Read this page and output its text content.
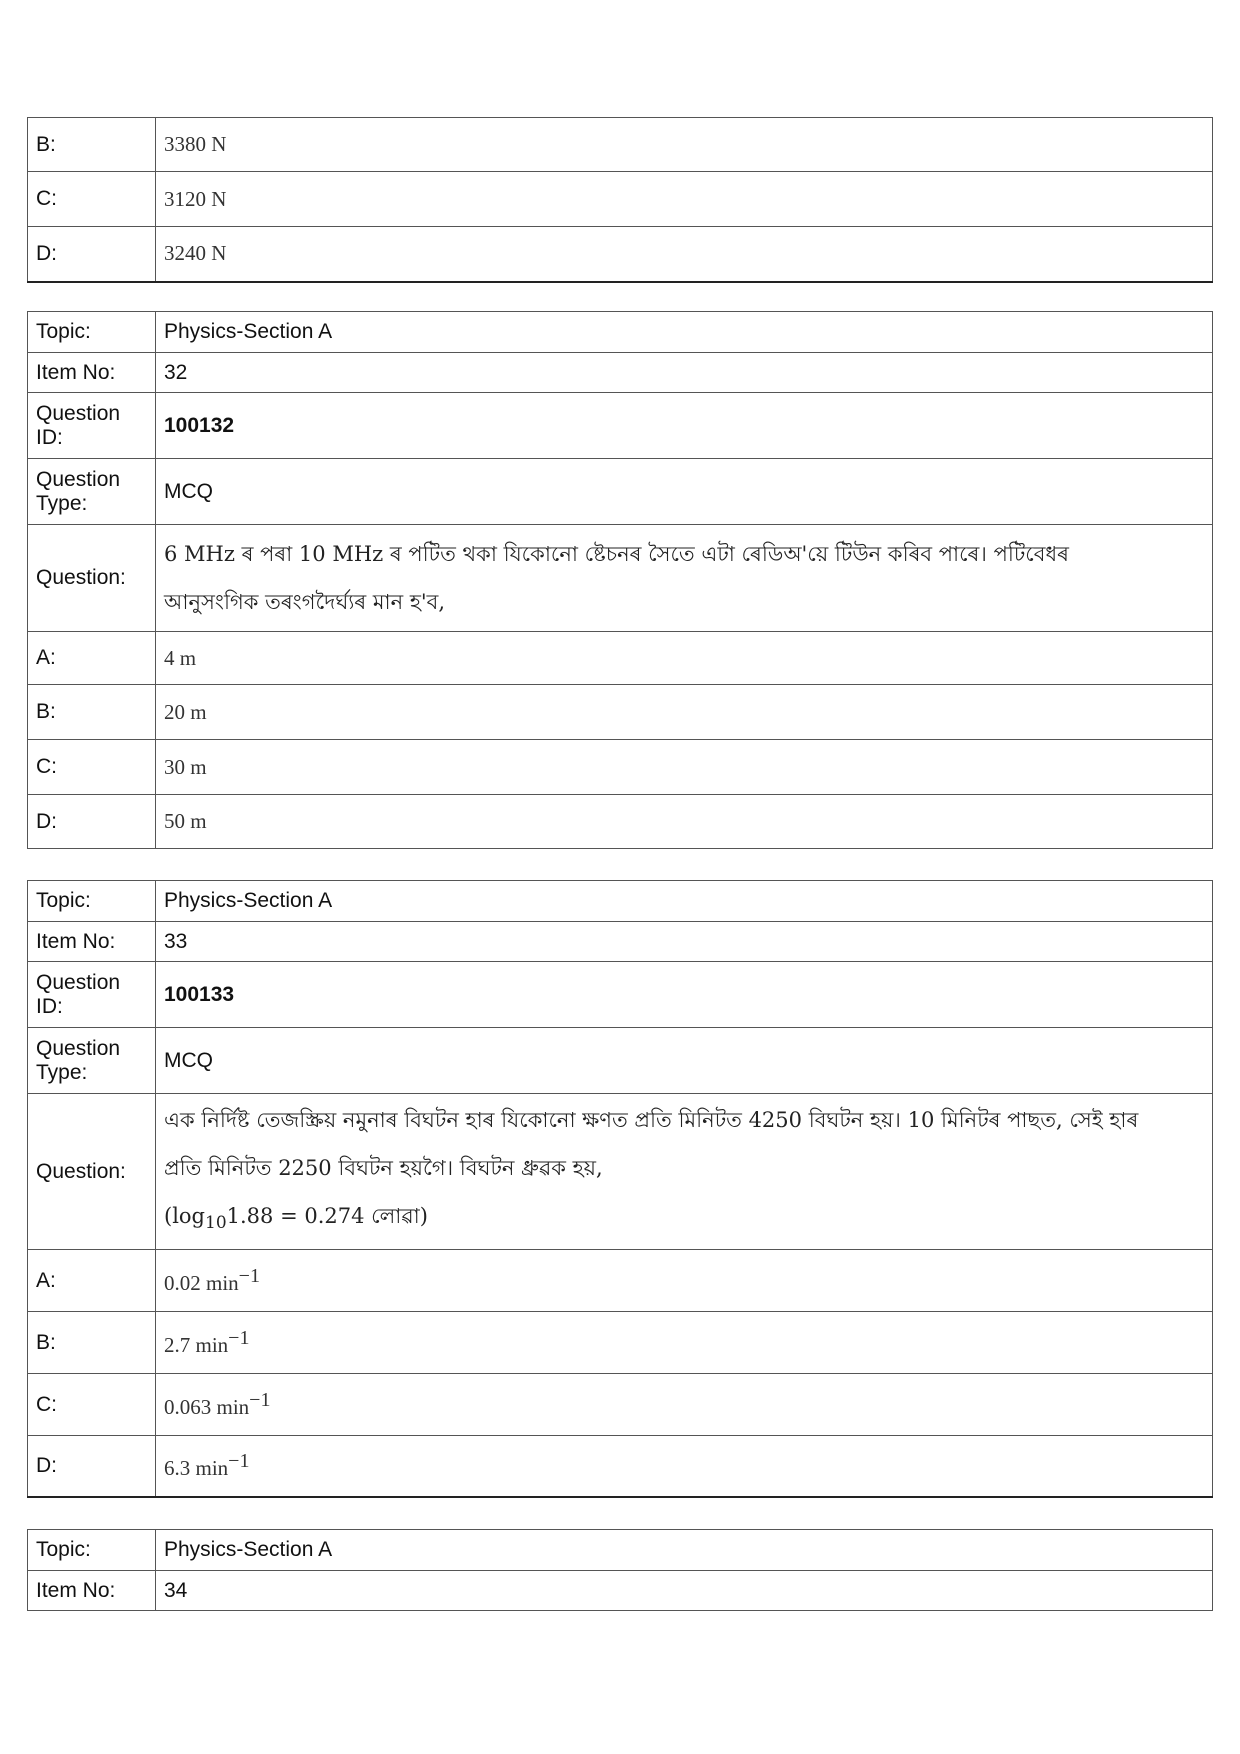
B:	3380 N
C:	3120 N
D:	3240 N
Topic:	Physics-Section A
Item No:	32
Question ID:	100132
Question Type:	MCQ
Question:	6 MHz ৰ পৰা 10 MHz ৰ পটিত থকা যিকোনো ষ্টেচনৰ সৈতে এটা ৰেডিঅ'য়ে টিউন কৰিব পাৰে। পটিবেধৰ
আনুসংগিক তৰংগদৈৰ্ঘ্যৰ মান হ'ব,

A:	4 m
B:	20 m
C:	30 m
D:	50 m
Topic:	Physics-Section A
Item No:	33
Question ID:	100133
Question Type:	MCQ
Question:	এক নিৰ্দিষ্ট তেজস্ক্ৰিয় নমুনাৰ বিঘটন হাৰ যিকোনো ক্ষণত প্ৰতি মিনিটত 4250 বিঘটন হয়। 10 মিনিটৰ পাছত, সেই হাৰ
প্ৰতি মিনিটত 2250 বিঘটন হয়গৈ। বিঘটন ধ্ৰুৱক হয়,
($\log_{10}1.88 = 0.274$ লোৱা)

A:	0.02 $\min^{-1}$
B:	2.7 $\min^{-1}$
C:	0.063 $\min^{-1}$
D:	6.3 $\min^{-1}$
Topic:	Physics-Section A
Item No:	34
